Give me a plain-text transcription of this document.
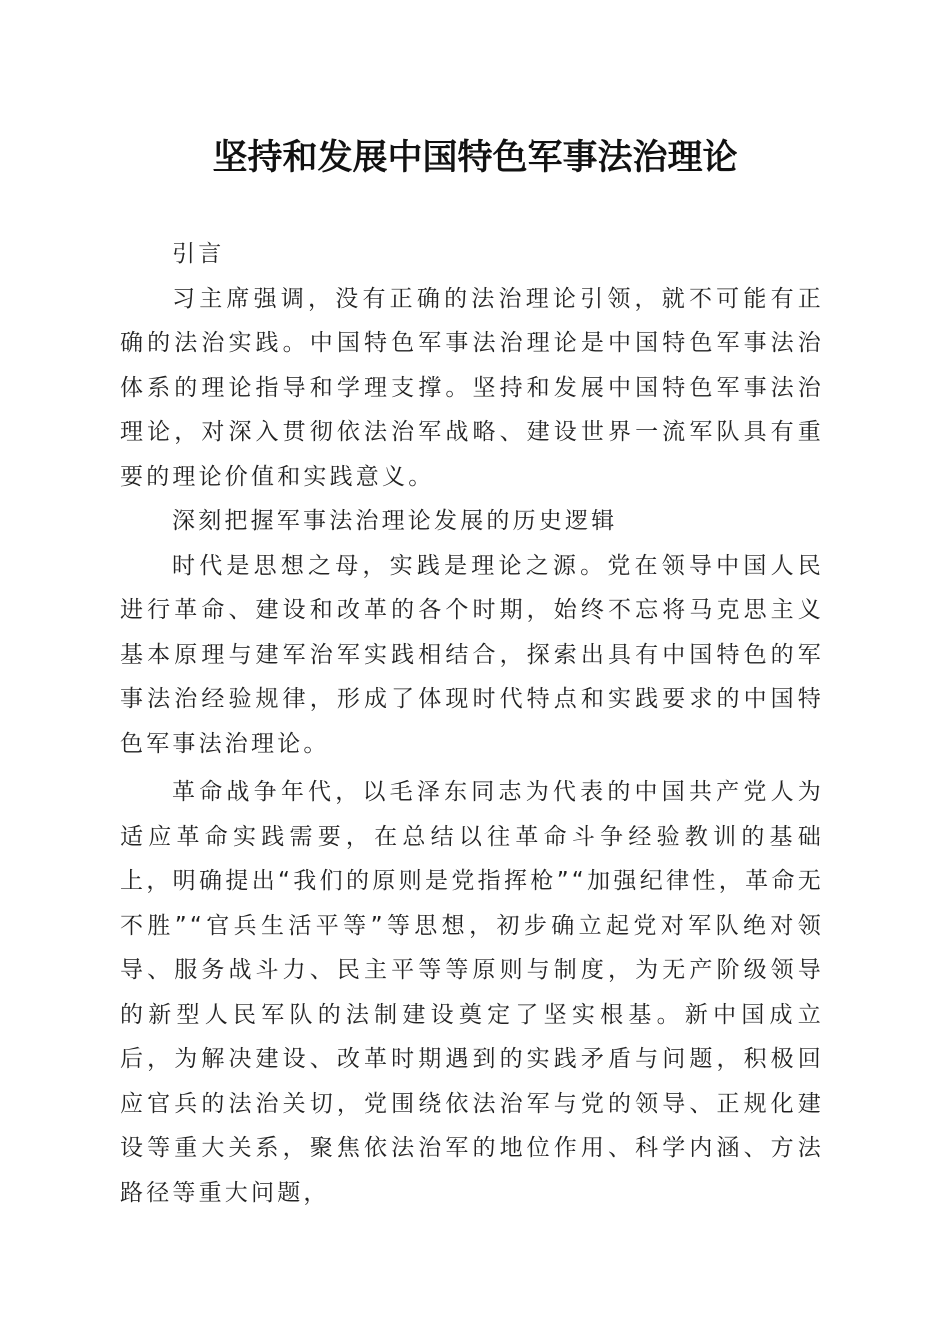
坚持和发展中国特色军事法治理论

引言

习主席强调，没有正确的法治理论引领，就不可能有正确的法治实践。中国特色军事法治理论是中国特色军事法治体系的理论指导和学理支撑。坚持和发展中国特色军事法治理论，对深入贯彻依法治军战略、建设世界一流军队具有重要的理论价值和实践意义。

深刻把握军事法治理论发展的历史逻辑

时代是思想之母，实践是理论之源。党在领导中国人民进行革命、建设和改革的各个时期，始终不忘将马克思主义基本原理与建军治军实践相结合，探索出具有中国特色的军事法治经验规律，形成了体现时代特点和实践要求的中国特色军事法治理论。

革命战争年代，以毛泽东同志为代表的中国共产党人为适应革命实践需要，在总结以往革命斗争经验教训的基础上，明确提出“我们的原则是党指挥枪”“加强纪律性，革命无不胜”“官兵生活平等”等思想，初步确立起党对军队绝对领导、服务战斗力、民主平等等原则与制度，为无产阶级领导的新型人民军队的法制建设奠定了坚实根基。新中国成立后，为解决建设、改革时期遇到的实践矛盾与问题，积极回应官兵的法治关切，党围绕依法治军与党的领导、正规化建设等重大关系，聚焦依法治军的地位作用、科学内涵、方法路径等重大问题，
